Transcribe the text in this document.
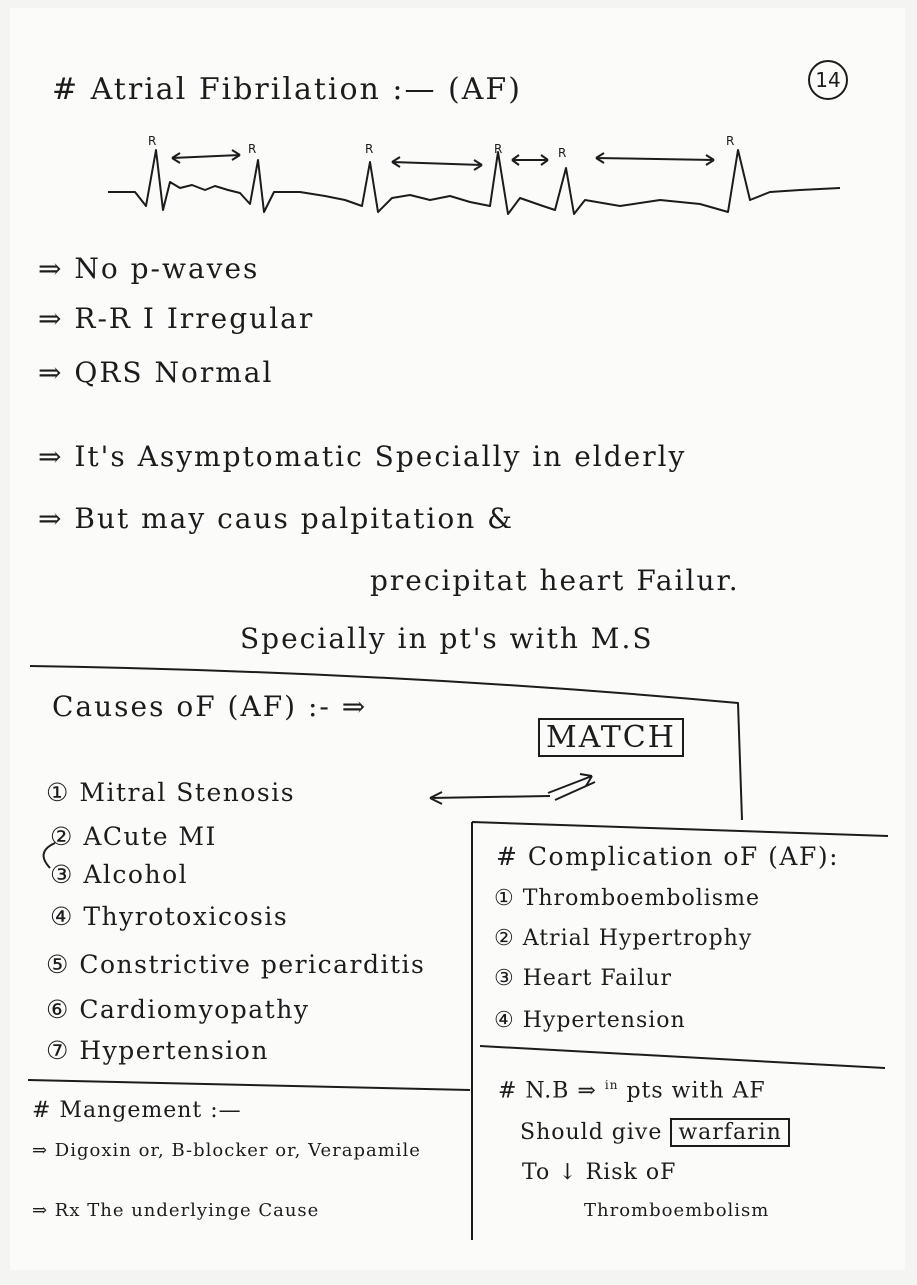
14
# Atrial Fibrilation :— (AF)
R
R	R	R	R
R
⇒ No p-waves
⇒ R-R I Irregular
⇒ QRS Normal
⇒ It's Asymptomatic Specially in elderly
⇒ But may caus palpitation &
precipitat heart Failur.
Specially in pt's with M.S
Causes oF (AF) :- ⇒
MATCH
① Mitral Stenosis
② ACute MI
③ Alcohol
④ Thyrotoxicosis
⑤ Constrictive pericarditis
⑥ Cardiomyopathy
⑦ Hypertension
# Complication oF (AF):
① Thromboembolisme
② Atrial Hypertrophy
③ Heart Failur
④ Hypertension
# Mangement :—
⇒ Digoxin or, B-blocker or, Verapamile
⇒ Rx The underlyinge Cause
# N.B ⇒ $^{in}$ pts with AF
Should give warfarin
To ↓ Risk oF
Thromboembolism
